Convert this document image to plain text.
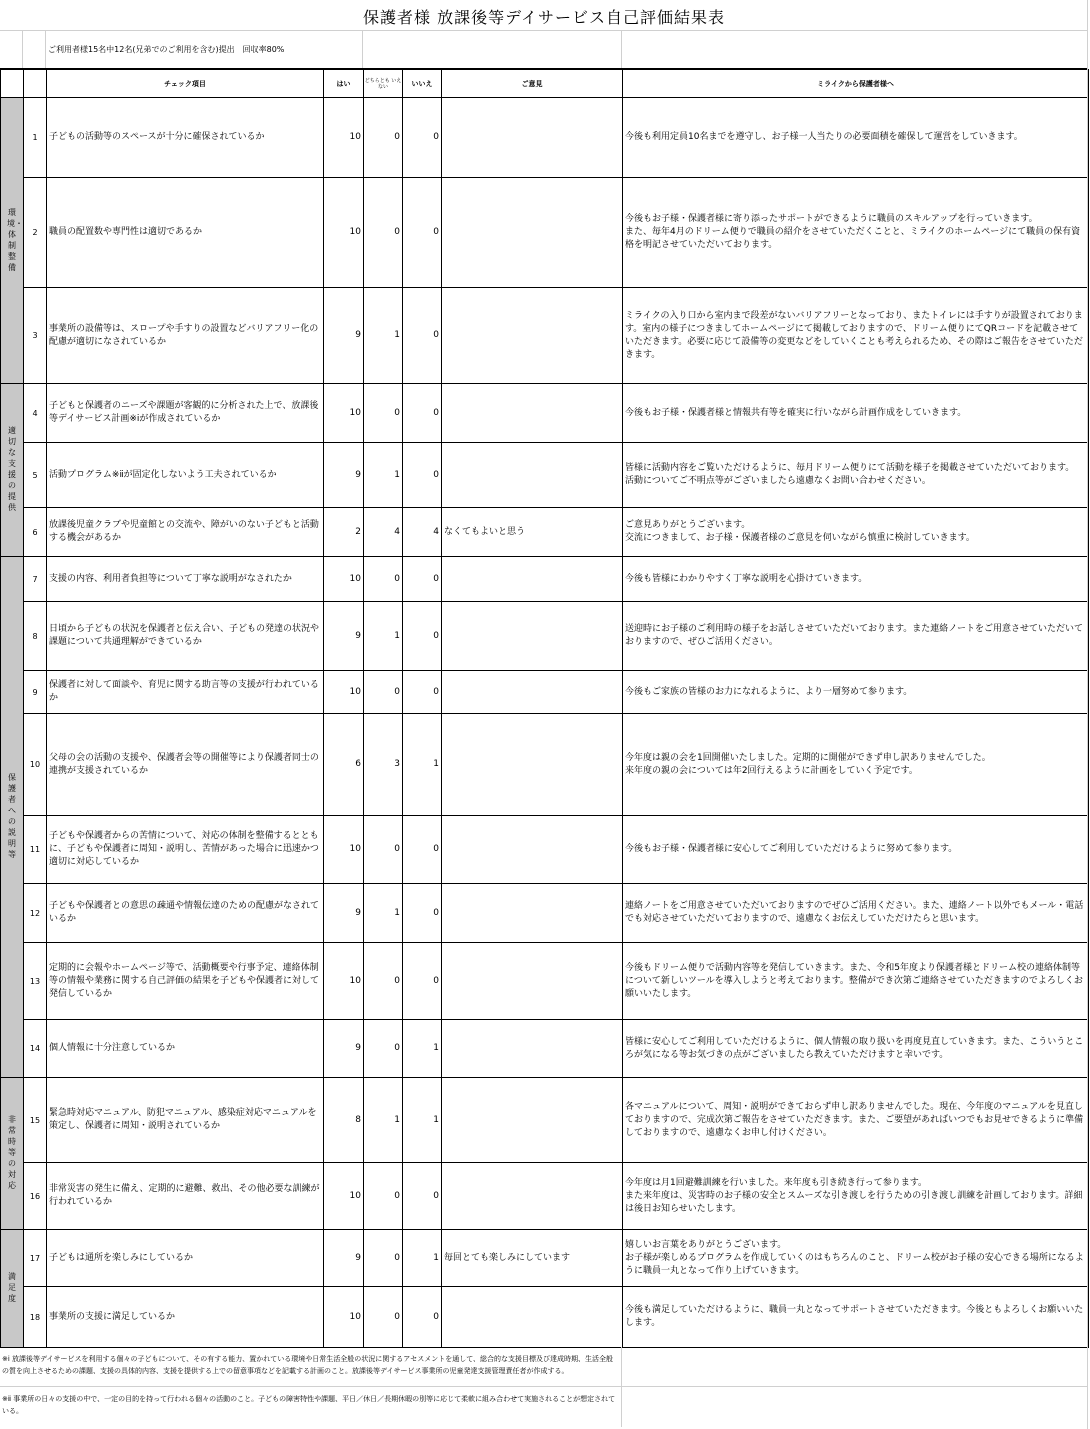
保護者様 放課後等デイサービス自己評価結果表
ご利用者様15名中12名(兄弟でのご利用を含む)提出　回収率80%
		チェック項目	はい	どちらとも いえない	いいえ	ご意見	ミライクから保護者様へ
環境・体制整備	1	子どもの活動等のスペースが十分に確保されているか	10	0	0		今後も利用定員10名までを遵守し、お子様一人当たりの必要面積を確保して運営をしていきます。
	2	職員の配置数や専門性は適切であるか	10	0	0		今後もお子様・保護者様に寄り添ったサポートができるように職員のスキルアップを行っていきます。
また、毎年4月のドリーム便りで職員の紹介をさせていただくことと、ミライクのホームページにて職員の保有資格を明記させていただいております。
	3	事業所の設備等は、スロープや手すりの設置などバリアフリー化の配慮が適切になされているか	9	1	0		ミライクの入り口から室内まで段差がないバリアフリーとなっており、またトイレには手すりが設置されております。室内の様子につきましてホームページにて掲載しておりますので、ドリーム便りにてQRコードを記載させていただきます。必要に応じて設備等の変更などをしていくことも考えられるため、その際はご報告をさせていただきます。
適切な支援の提供	4	子どもと保護者のニーズや課題が客観的に分析された上で、放課後等デイサービス計画※ⅰが作成されているか	10	0	0		今後もお子様・保護者様と情報共有等を確実に行いながら計画作成をしていきます。
	5	活動プログラム※ⅱが固定化しないよう工夫されているか	9	1	0		皆様に活動内容をご覧いただけるように、毎月ドリーム便りにて活動を様子を掲載させていただいております。
活動についてご不明点等がございましたら遠慮なくお問い合わせください。
	6	放課後児童クラブや児童館との交流や、障がいのない子どもと活動する機会があるか	2	4	4	なくてもよいと思う	ご意見ありがとうございます。
交流につきまして、お子様・保護者様のご意見を伺いながら慎重に検討していきます。
保護者への説明等	7	支援の内容、利用者負担等について丁寧な説明がなされたか	10	0	0		今後も皆様にわかりやすく丁寧な説明を心掛けていきます。
	8	日頃から子どもの状況を保護者と伝え合い、子どもの発達の状況や課題について共通理解ができているか	9	1	0		送迎時にお子様のご利用時の様子をお話しさせていただいております。また連絡ノートをご用意させていただいておりますので、ぜひご活用ください。
	9	保護者に対して面談や、育児に関する助言等の支援が行われているか	10	0	0		今後もご家族の皆様のお力になれるように、より一層努めて参ります。
	10	父母の会の活動の支援や、保護者会等の開催等により保護者同士の連携が支援されているか	6	3	1		今年度は親の会を1回開催いたしました。定期的に開催ができず申し訳ありませんでした。
来年度の親の会については年2回行えるように計画をしていく予定です。
	11	子どもや保護者からの苦情について、対応の体制を整備するとともに、子どもや保護者に周知・説明し、苦情があった場合に迅速かつ適切に対応しているか	10	0	0		今後もお子様・保護者様に安心してご利用していただけるように努めて参ります。
	12	子どもや保護者との意思の疎通や情報伝達のための配慮がなされているか	9	1	0		連絡ノートをご用意させていただいておりますのでぜひご活用ください。また、連絡ノート以外でもメール・電話でも対応させていただいておりますので、遠慮なくお伝えしていただけたらと思います。
	13	定期的に会報やホームページ等で、活動概要や行事予定、連絡体制等の情報や業務に関する自己評価の結果を子どもや保護者に対して発信しているか	10	0	0		今後もドリーム便りで活動内容等を発信していきます。また、令和5年度より保護者様とドリーム校の連絡体制等について新しいツールを導入しようと考えております。整備ができ次第ご連絡させていただきますのでよろしくお願いいたします。
	14	個人情報に十分注意しているか	9	0	1		皆様に安心してご利用していただけるように、個人情報の取り扱いを再度見直していきます。また、こういうところが気になる等お気づきの点がございましたら教えていただけますと幸いです。
非常時等の対応	15	緊急時対応マニュアル、防犯マニュアル、感染症対応マニュアルを策定し、保護者に周知・説明されているか	8	1	1		各マニュアルについて、周知・説明ができておらず申し訳ありませんでした。現在、今年度のマニュアルを見直しておりますので、完成次第ご報告をさせていただきます。また、ご要望があればいつでもお見せできるように準備しておりますので、遠慮なくお申し付けください。
	16	非常災害の発生に備え、定期的に避難、救出、その他必要な訓練が行われているか	10	0	0		今年度は月1回避難訓練を行いました。来年度も引き続き行って参ります。
また来年度は、災害時のお子様の安全とスムーズな引き渡しを行うための引き渡し訓練を計画しております。詳細は後日お知らせいたします。
満足度	17	子どもは通所を楽しみにしているか	9	0	1	毎回とても楽しみにしています	嬉しいお言葉をありがとうございます。
お子様が楽しめるプログラムを作成していくのはもちろんのこと、ドリーム校がお子様の安心できる場所になるように職員一丸となって作り上げていきます。
	18	事業所の支援に満足しているか	10	0	0		今後も満足していただけるように、職員一丸となってサポートさせていただきます。今後ともよろしくお願いいたします。
※ⅰ 放課後等デイサービスを利用する個々の子どもについて、その有する能力、置かれている環境や日常生活全般の状況に関するアセスメントを通して、総合的な支援目標及び達成時期、生活全般の質を向上させるための課題、支援の具体的内容、支援を提供する上での留意事項などを記載する計画のこと。放課後等デイサービス事業所の児童発達支援管理責任者が作成する。
※ⅱ 事業所の日々の支援の中で、一定の目的を持って行われる個々の活動のこと。子どもの障害特性や課題、平日／休日／長期休暇の別等に応じて柔軟に組み合わせて実施されることが想定されている。
